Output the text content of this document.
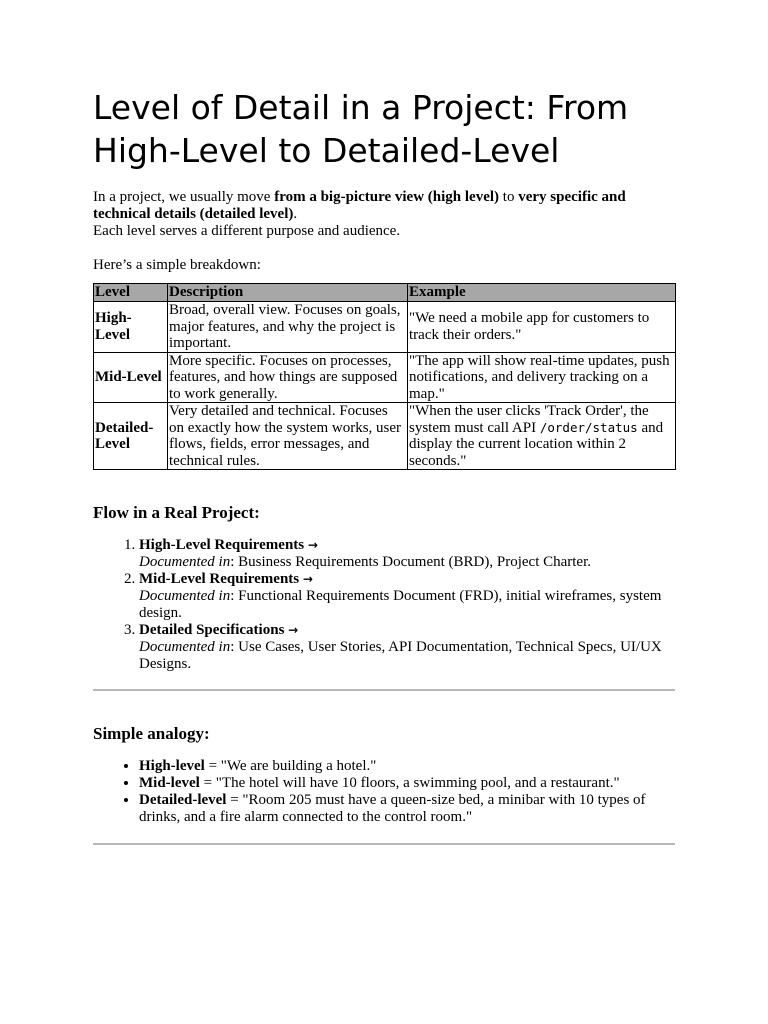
Level of Detail in a Project: From High-Level to Detailed-Level

In a project, we usually move from a big-picture view (high level) to very specific and technical details (detailed level).

Each level serves a different purpose and audience.

Here’s a simple breakdown:

Level	Description	Example
High-Level	Broad, overall view. Focuses on goals, major features, and why the project is important.	"We need a mobile app for customers to track their orders."
Mid-Level	More specific. Focuses on processes, features, and how things are supposed to work generally.	"The app will show real-time updates, push notifications, and delivery tracking on a map."
Detailed-Level	Very detailed and technical. Focuses on exactly how the system works, user flows, fields, error messages, and technical rules.	"When the user clicks 'Track Order', the system must call API /order/status and display the current location within 2 seconds."
Flow in a Real Project:
1. High-Level Requirements →
Documented in: Business Requirements Document (BRD), Project Charter.
2. Mid-Level Requirements →
Documented in: Functional Requirements Document (FRD), initial wireframes, system design.
3. Detailed Specifications →
Documented in: Use Cases, User Stories, API Documentation, Technical Specs, UI/UX Designs.
Simple analogy:
• High-level = "We are building a hotel."
• Mid-level = "The hotel will have 10 floors, a swimming pool, and a restaurant."
• Detailed-level = "Room 205 must have a queen-size bed, a minibar with 10 types of drinks, and a fire alarm connected to the control room."
